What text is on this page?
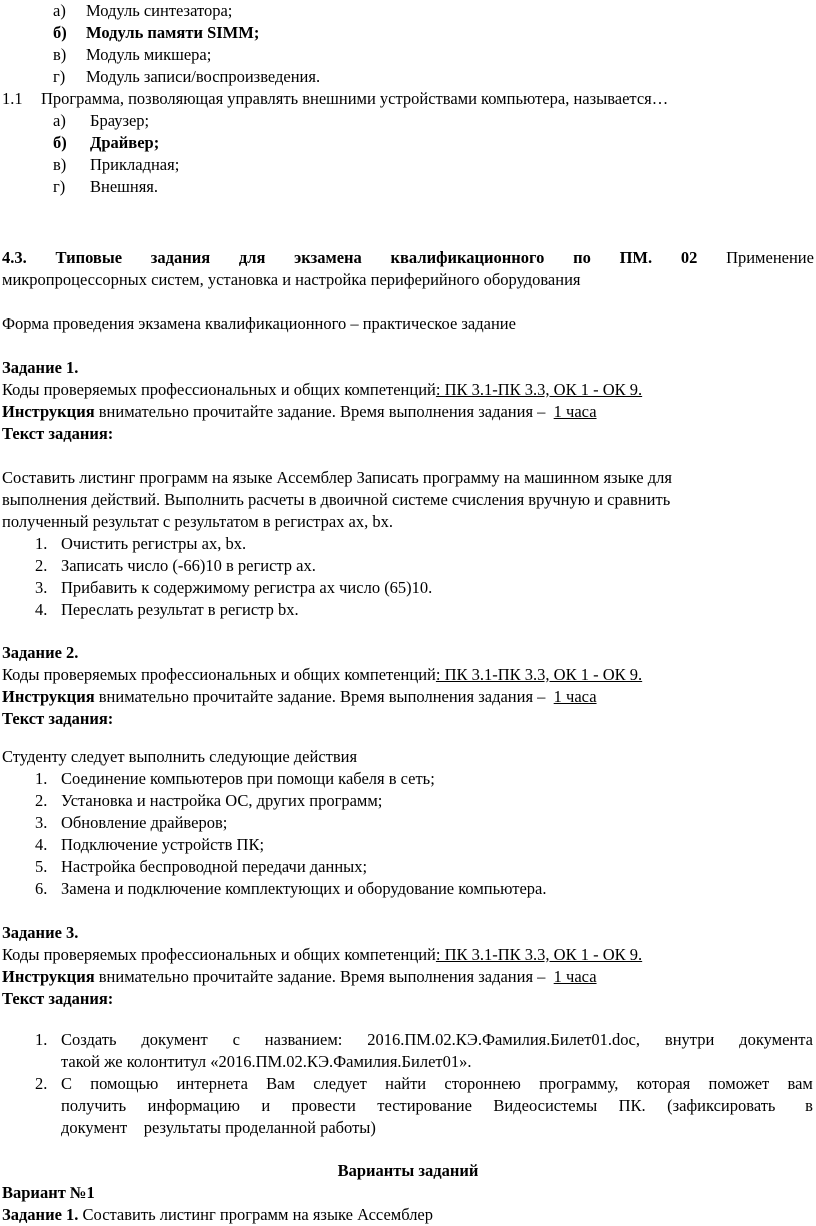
а) Модуль синтезатора;
б) Модуль памяти SIMM;
в) Модуль микшера;
г) Модуль записи/воспроизведения.
1.1 Программа, позволяющая управлять внешними устройствами компьютера, называется…
а) Браузер;
б) Драйвер;
в) Прикладная;
г) Внешняя.
4.3. Типовые задания для экзамена квалификационного по ПМ. 02 Применение
микропроцессорных систем, установка и настройка периферийного оборудования
Форма проведения экзамена квалификационного – практическое задание
Задание 1.
Коды проверяемых профессиональных и общих компетенций: ПК 3.1-ПК 3.3, ОК 1 - ОК 9.
Инструкция внимательно прочитайте задание. Время выполнения задания –  1 часа
Текст задания:
Составить листинг программ на языке Ассемблер Записать программу на машинном языке для
выполнения действий. Выполнить расчеты в двоичной системе счисления вручную и сравнить
полученный результат с результатом в регистрах ах, bх.
1. Очистить регистры ах, bх.
2. Записать число (-66)10 в регистр ах.
3. Прибавить к содержимому регистра ах число (65)10.
4. Переслать результат в регистр bх.
Задание 2.
Коды проверяемых профессиональных и общих компетенций: ПК 3.1-ПК 3.3, ОК 1 - ОК 9.
Инструкция внимательно прочитайте задание. Время выполнения задания –  1 часа
Текст задания:
Студенту следует выполнить следующие действия
1. Соединение компьютеров при помощи кабеля в сеть;
2. Установка и настройка ОС, других программ;
3. Обновление драйверов;
4. Подключение устройств ПК;
5. Настройка беспроводной передачи данных;
6. Замена и подключение комплектующих и оборудование компьютера.
Задание 3.
Коды проверяемых профессиональных и общих компетенций: ПК 3.1-ПК 3.3, ОК 1 - ОК 9.
Инструкция внимательно прочитайте задание. Время выполнения задания –  1 часа
Текст задания:
1. Создать документ с названием: 2016.ПМ.02.КЭ.Фамилия.Билет01.doc, внутри документа
такой же колонтитул «2016.ПМ.02.КЭ.Фамилия.Билет01».
2. С помощью интернета Вам следует найти стороннею программу, которая поможет вам
получить информацию и провести тестирование Видеосистемы ПК. (зафиксировать в
документ    результаты проделанной работы)
Варианты заданий
Вариант №1
Задание 1. Составить листинг программ на языке Ассемблер
